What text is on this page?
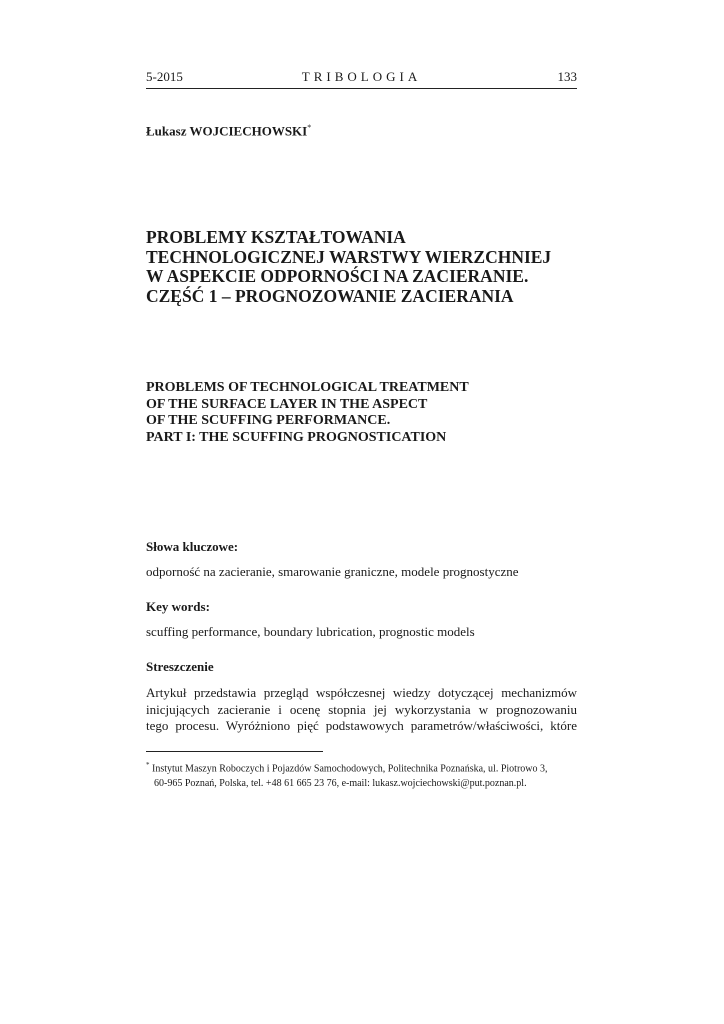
5-2015	TRIBOLOGIA	133
Łukasz WOJCIECHOWSKI*
PROBLEMY KSZTAŁTOWANIA
TECHNOLOGICZNEJ WARSTWY WIERZCHNIEJ
W ASPEKCIE ODPORNOŚCI NA ZACIERANIE.
CZĘŚĆ 1 – PROGNOZOWANIE ZACIERANIA
PROBLEMS OF TECHNOLOGICAL TREATMENT
OF THE SURFACE LAYER IN THE ASPECT
OF THE SCUFFING PERFORMANCE.
PART I: THE SCUFFING PROGNOSTICATION
Słowa kluczowe:
odporność na zacieranie, smarowanie graniczne, modele prognostyczne
Key words:
scuffing performance, boundary lubrication, prognostic models
Streszczenie
Artykuł przedstawia przegląd współczesnej wiedzy dotyczącej mechanizmów
inicjujących zacieranie i ocenę stopnia jej wykorzystania w prognozowaniu
tego procesu. Wyróżniono pięć podstawowych parametrów/właściwości, które
* Instytut Maszyn Roboczych i Pojazdów Samochodowych, Politechnika Poznańska, ul. Piotrowo 3,
60-965 Poznań, Polska, tel. +48 61 665 23 76, e-mail: lukasz.wojciechowski@put.poznan.pl.
